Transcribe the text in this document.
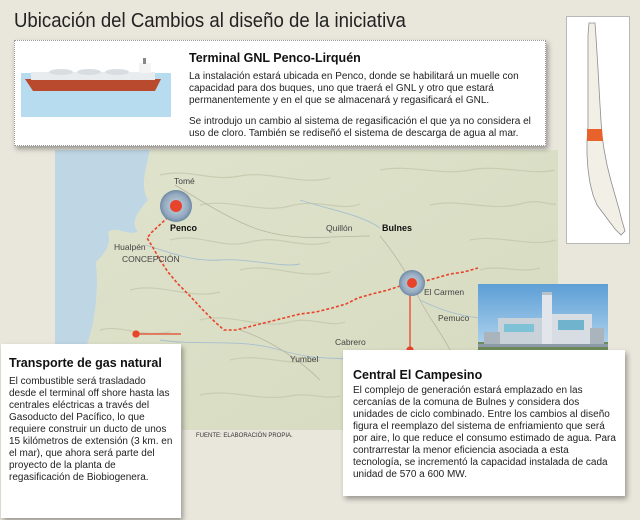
Tomé
Penco
Hualpén
CONCEPCIÓN
Quillón	Bulnes
El Carmen
Pemuco
Cabrero
Yumbel
FUENTE: ELABORACIÓN PROPIA.
Ubicación del Cambios al diseño de la iniciativa
Terminal GNL Penco-Lirquén

La instalación estará ubicada en Penco, donde se habilitará un muelle con capacidad para dos buques, uno que traerá el GNL y otro que estará permanentemente y en el que se almacenará y regasificará el GNL.

Se introdujo un cambio al sistema de regasificación el que ya no considera el uso de cloro. También se rediseñó el sistema de descarga de agua al mar.

Transporte de gas natural

El combustible será trasladado desde el terminal off shore hasta las centrales eléctricas a través del Gasoducto del Pacífico, lo que requiere construir un ducto de unos 15 kilómetros de extensión (3 km. en el mar), que ahora será parte del proyecto de la planta de regasificación de Biobiogenera.

Central El Campesino

El complejo de generación estará emplazado en las cercanías de la comuna de Bulnes y considera dos unidades de ciclo combinado. Entre los cambios al diseño figura el reemplazo del sistema de enfriamiento que será por aire, lo que reduce el consumo estimado de agua. Para contrarrestar la menor eficiencia asociada a esta tecnología, se incrementó la capacidad instalada de cada unidad de 570 a 600 MW.
